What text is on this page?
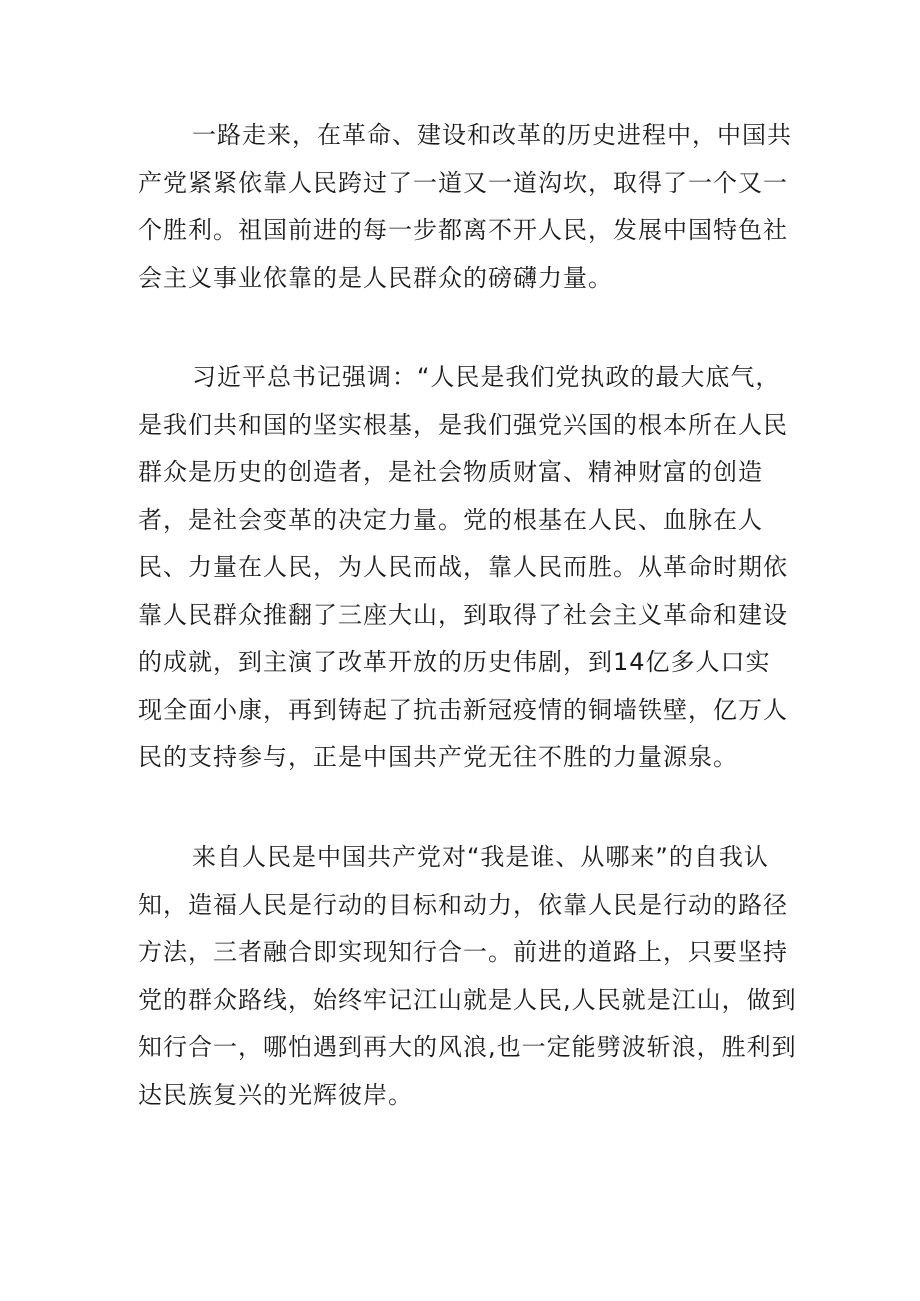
一路走来，在革命、建设和改革的历史进程中，中国共
产党紧紧依靠人民跨过了一道又一道沟坎，取得了一个又一
个胜利。祖国前进的每一步都离不开人民，发展中国特色社
会主义事业依靠的是人民群众的磅礴力量。
习近平总书记强调：“人民是我们党执政的最大底气，
是我们共和国的坚实根基，是我们强党兴国的根本所在人民
群众是历史的创造者，是社会物质财富、精神财富的创造
者，是社会变革的决定力量。党的根基在人民、血脉在人
民、力量在人民，为人民而战，靠人民而胜。从革命时期依
靠人民群众推翻了三座大山，到取得了社会主义革命和建设
的成就，到主演了改革开放的历史伟剧，到14亿多人口实
现全面小康，再到铸起了抗击新冠疫情的铜墙铁壁，亿万人
民的支持参与，正是中国共产党无往不胜的力量源泉。
来自人民是中国共产党对“我是谁、从哪来”的自我认
知，造福人民是行动的目标和动力，依靠人民是行动的路径
方法，三者融合即实现知行合一。前进的道路上，只要坚持
党的群众路线，始终牢记江山就是人民,人民就是江山，做到
知行合一，哪怕遇到再大的风浪,也一定能劈波斩浪，胜利到
达民族复兴的光辉彼岸。
